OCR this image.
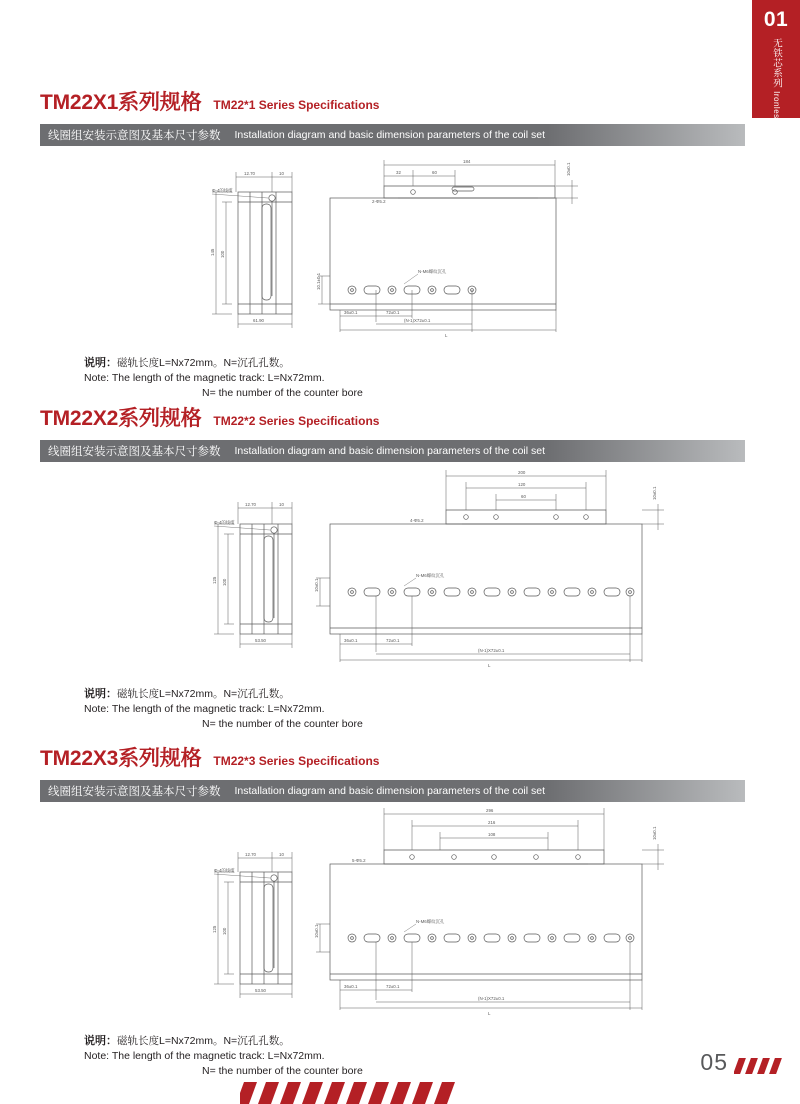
01
无铁芯系列 Ironless Series
TM22X1系列规格 TM22*1 Series Specifications
线圈组安装示意图及基本尺寸参数 Installation diagram and basic dimension parameters of the coil set
12.70	10
Φ-4的线缆
145 100
61.90
184
32	60
2-Φ5.2
N-M6螺纹沉孔
10.1±0.1
10±0.1
36±0.1	72±0.1
(N-1)X72±0.1
L
说明：磁轨长度L=Nx72mm。N=沉孔孔数。
Note: The length of the magnetic track: L=Nx72mm.
N= the number of the counter bore
TM22X2系列规格 TM22*2 Series Specifications
线圈组安装示意图及基本尺寸参数 Installation diagram and basic dimension parameters of the coil set
12.70	10
Φ-4的线缆
125 100
53.50
200
120
60
4-Φ5.2
N-M6螺纹沉孔
10±0.1
10±0.1
36±0.1	72±0.1
(N-1)X72±0.1
L
说明：磁轨长度L=Nx72mm。N=沉孔孔数。
Note: The length of the magnetic track: L=Nx72mm.
N= the number of the counter bore
TM22X3系列规格 TM22*3 Series Specifications
线圈组安装示意图及基本尺寸参数 Installation diagram and basic dimension parameters of the coil set
12.70	10
Φ-4的线缆
125 100
53.50
296
216
108
5-Φ5.2
N-M6螺纹沉孔
10±0.1
10±0.1
36±0.1	72±0.1
(N-1)X72±0.1
L
说明：磁轨长度L=Nx72mm。N=沉孔孔数。
Note: The length of the magnetic track: L=Nx72mm.
N= the number of the counter bore	05
